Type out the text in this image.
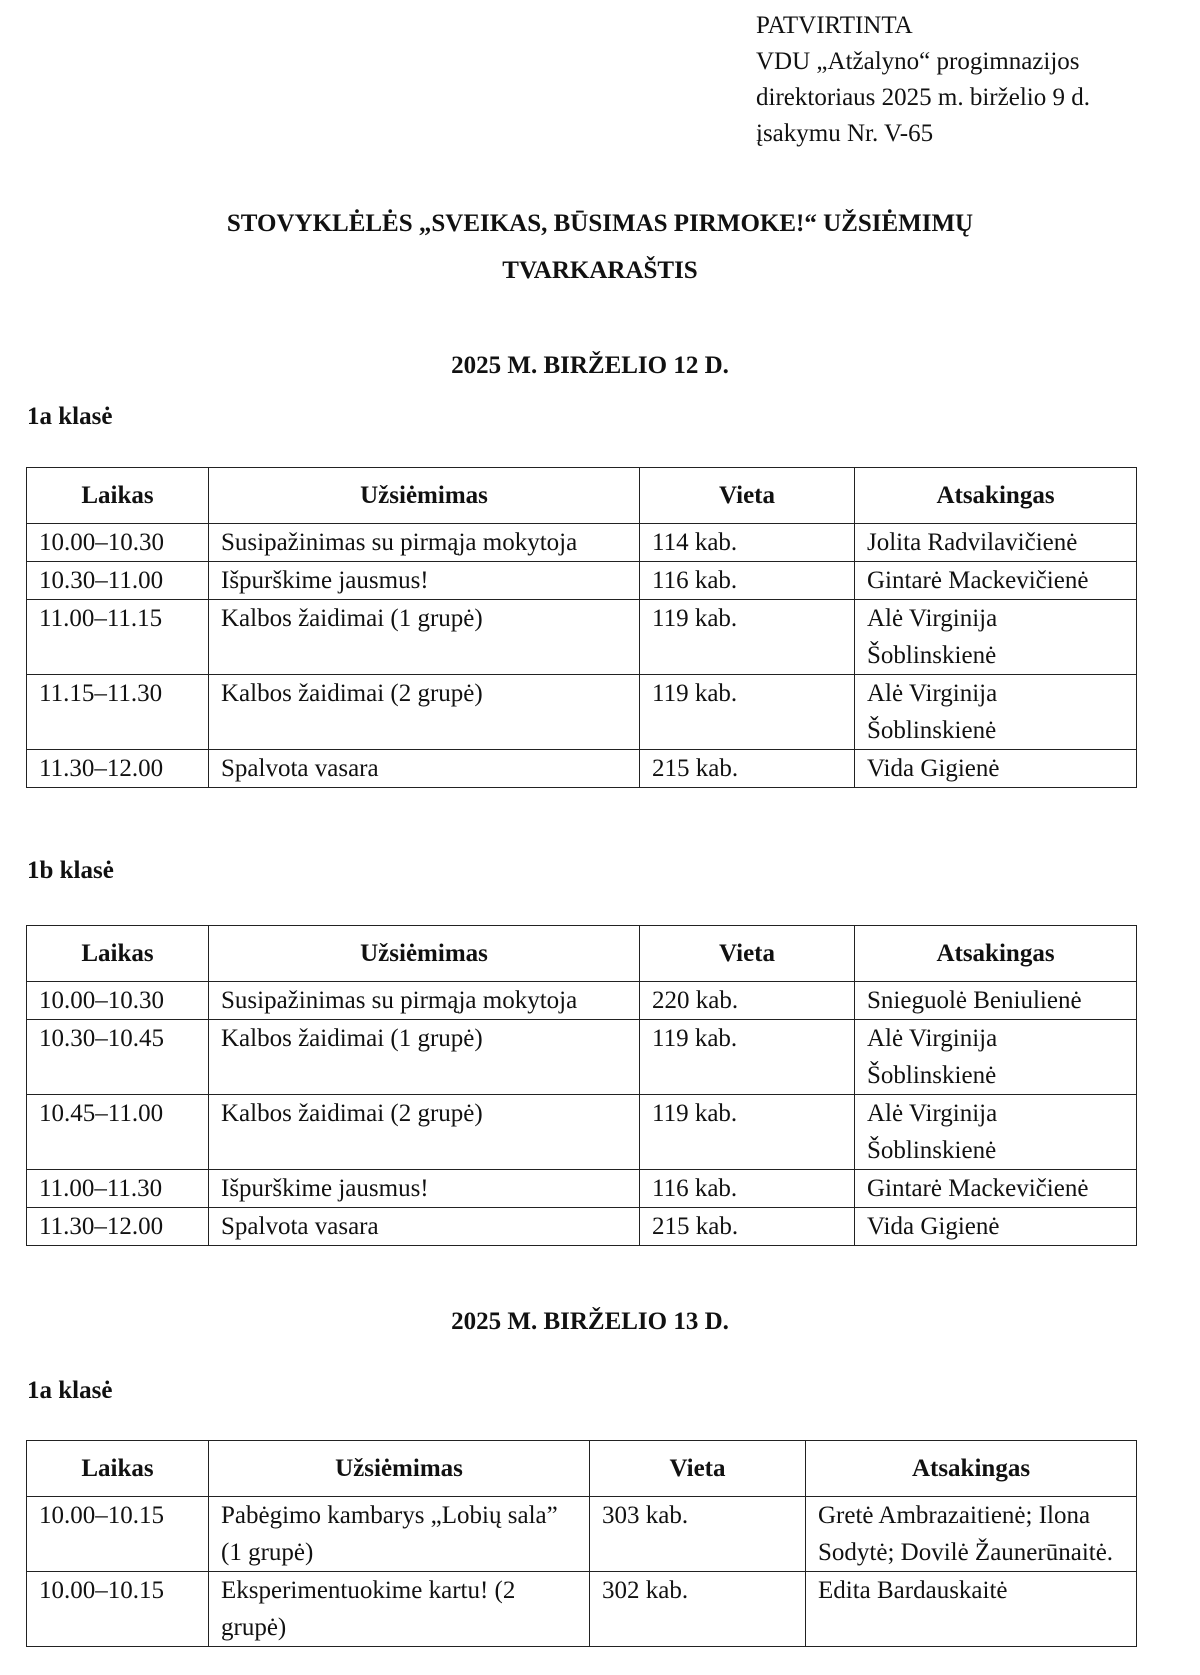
PATVIRTINTA
VDU „Atžalyno“ progimnazijos
direktoriaus 2025 m. birželio 9 d.
įsakymu Nr. V-65
STOVYKLĖLĖS „SVEIKAS, BŪSIMAS PIRMOKE!“ UŽSIĖMIMŲ
TVARKARAŠTIS
2025 M. BIRŽELIO 12 D.
1a klasė
Laikas	Užsiėmimas	Vieta	Atsakingas
10.00–10.30	Susipažinimas su pirmąja mokytoja	114 kab.	Jolita Radvilavičienė
10.30–11.00	Išpurškime jausmus!	116 kab.	Gintarė Mackevičienė
11.00–11.15	Kalbos žaidimai (1 grupė)	119 kab.	Alė Virginija Šoblinskienė
11.15–11.30	Kalbos žaidimai (2 grupė)	119 kab.	Alė Virginija Šoblinskienė
11.30–12.00	Spalvota vasara	215 kab.	Vida Gigienė
1b klasė
Laikas	Užsiėmimas	Vieta	Atsakingas
10.00–10.30	Susipažinimas su pirmąja mokytoja	220 kab.	Snieguolė Beniulienė
10.30–10.45	Kalbos žaidimai (1 grupė)	119 kab.	Alė Virginija Šoblinskienė
10.45–11.00	Kalbos žaidimai (2 grupė)	119 kab.	Alė Virginija Šoblinskienė
11.00–11.30	Išpurškime jausmus!	116 kab.	Gintarė Mackevičienė
11.30–12.00	Spalvota vasara	215 kab.	Vida Gigienė
2025 M. BIRŽELIO 13 D.
1a klasė
Laikas	Užsiėmimas	Vieta	Atsakingas
10.00–10.15	Pabėgimo kambarys „Lobių sala” (1 grupė)	303 kab.	Gretė Ambrazaitienė; Ilona Sodytė; Dovilė Žaunerūnaitė.
10.00–10.15	Eksperimentuokime kartu! (2 grupė)	302 kab.	Edita Bardauskaitė
